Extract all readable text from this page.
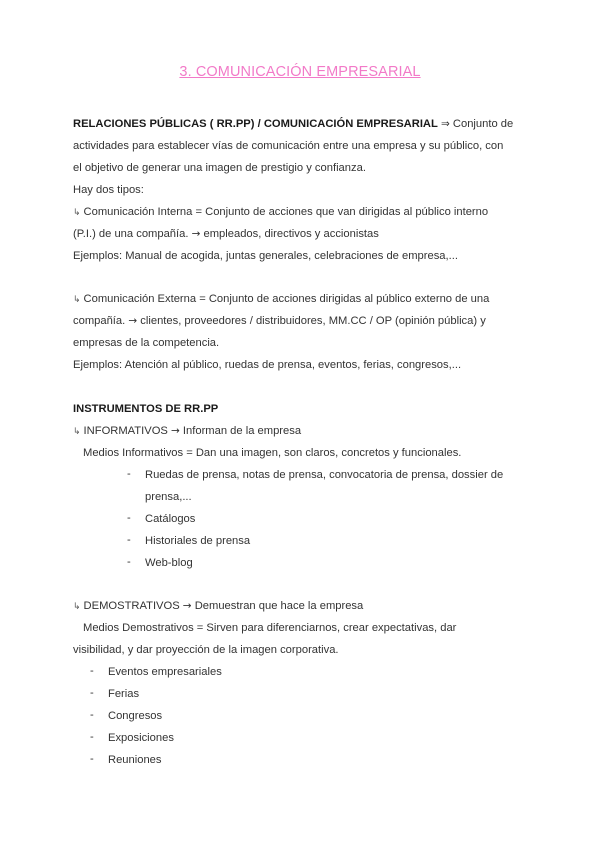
3. COMUNICACIÓN EMPRESARIAL
RELACIONES PÚBLICAS ( RR.PP) / COMUNICACIÓN EMPRESARIAL ⇒ Conjunto de
actividades para establecer vías de comunicación entre una empresa y su público, con
el objetivo de generar una imagen de prestigio y confianza.
Hay dos tipos:
↳ Comunicación Interna = Conjunto de acciones que van dirigidas al público interno
(P.I.) de una compañía. → empleados, directivos y accionistas
Ejemplos: Manual de acogida, juntas generales, celebraciones de empresa,...
↳ Comunicación Externa = Conjunto de acciones dirigidas al público externo de una
compañía. → clientes, proveedores / distribuidores, MM.CC / OP (opinión pública) y
empresas de la competencia.
Ejemplos: Atención al público, ruedas de prensa, eventos, ferias, congresos,...
INSTRUMENTOS DE RR.PP
↳ INFORMATIVOS → Informan de la empresa
Medios Informativos = Dan una imagen, son claros, concretos y funcionales.
- Ruedas de prensa, notas de prensa, convocatoria de prensa, dossier de
prensa,...
- Catálogos
- Historiales de prensa
- Web-blog
↳ DEMOSTRATIVOS → Demuestran que hace la empresa
Medios Demostrativos = Sirven para diferenciarnos, crear expectativas, dar
visibilidad, y dar proyección de la imagen corporativa.
- Eventos empresariales
- Ferias
- Congresos
- Exposiciones
- Reuniones
